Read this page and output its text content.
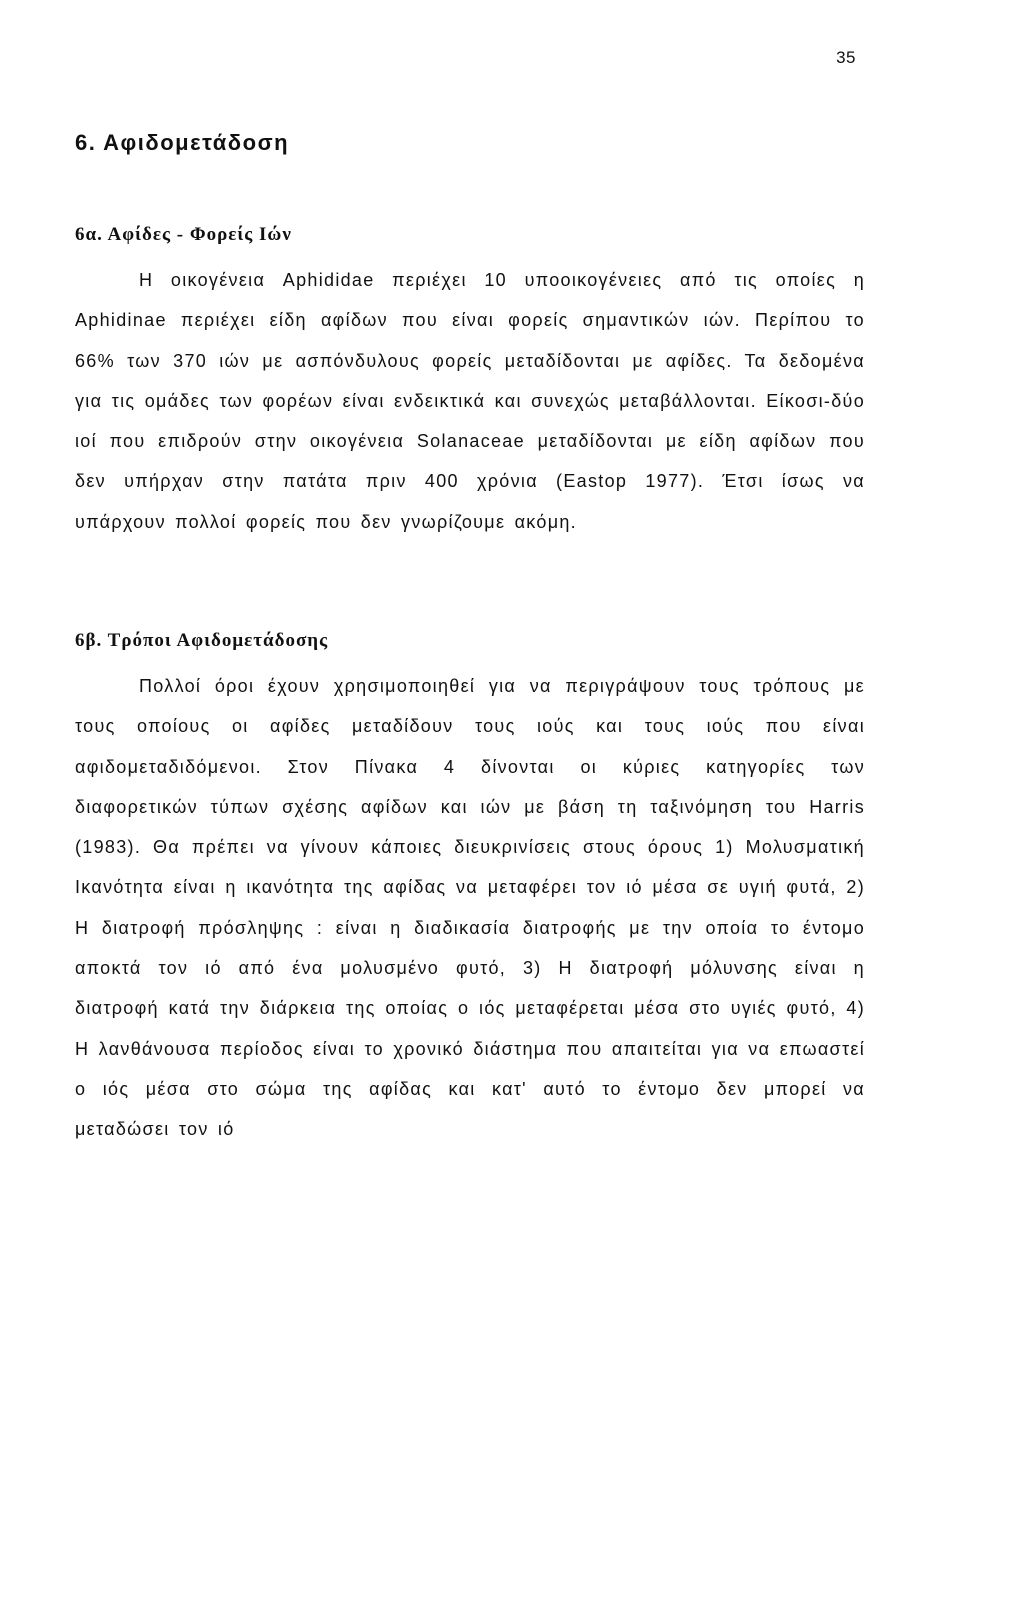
35
6. Αφιδομετάδοση
6α. Αφίδες - Φορείς Ιών

Η οικογένεια Aphididae περιέχει 10 υποοικογένειες από τις οποίες η Aphidinae περιέχει είδη αφίδων που είναι φορείς σημαντικών ιών. Περίπου το 66% των 370 ιών με ασπόνδυλους φορείς μεταδίδονται με αφίδες. Τα δεδομένα για τις ομάδες των φορέων είναι ενδεικτικά και συνεχώς μεταβάλλονται. Είκοσι-δύο ιοί που επιδρούν στην οικογένεια Solanaceae μεταδίδονται με είδη αφίδων που δεν υπήρχαν στην πατάτα πριν 400 χρόνια (Eastop 1977). Έτσι ίσως να υπάρχουν πολλοί φορείς που δεν γνωρίζουμε ακόμη.

6β. Τρόποι Αφιδομετάδοσης

Πολλοί όροι έχουν χρησιμοποιηθεί για να περιγράψουν τους τρόπους με τους οποίους οι αφίδες μεταδίδουν τους ιούς και τους ιούς που είναι αφιδομεταδιδόμενοι. Στον Πίνακα 4 δίνονται οι κύριες κατηγορίες των διαφορετικών τύπων σχέσης αφίδων και ιών με βάση τη ταξινόμηση του Harris (1983). Θα πρέπει να γίνουν κάποιες διευκρινίσεις στους όρους 1) Μολυσματική Ικανότητα είναι η ικανότητα της αφίδας να μεταφέρει τον ιό μέσα σε υγιή φυτά, 2) Η διατροφή πρόσληψης : είναι η διαδικασία διατροφής με την οποία το έντομο αποκτά τον ιό από ένα μολυσμένο φυτό, 3) Η διατροφή μόλυνσης είναι η διατροφή κατά την διάρκεια της οποίας ο ιός μεταφέρεται μέσα στο υγιές φυτό, 4) Η λανθάνουσα περίοδος είναι το χρονικό διάστημα που απαιτείται για να επωαστεί ο ιός μέσα στο σώμα της αφίδας και κατ' αυτό το έντομο δεν μπορεί να μεταδώσει τον ιό
